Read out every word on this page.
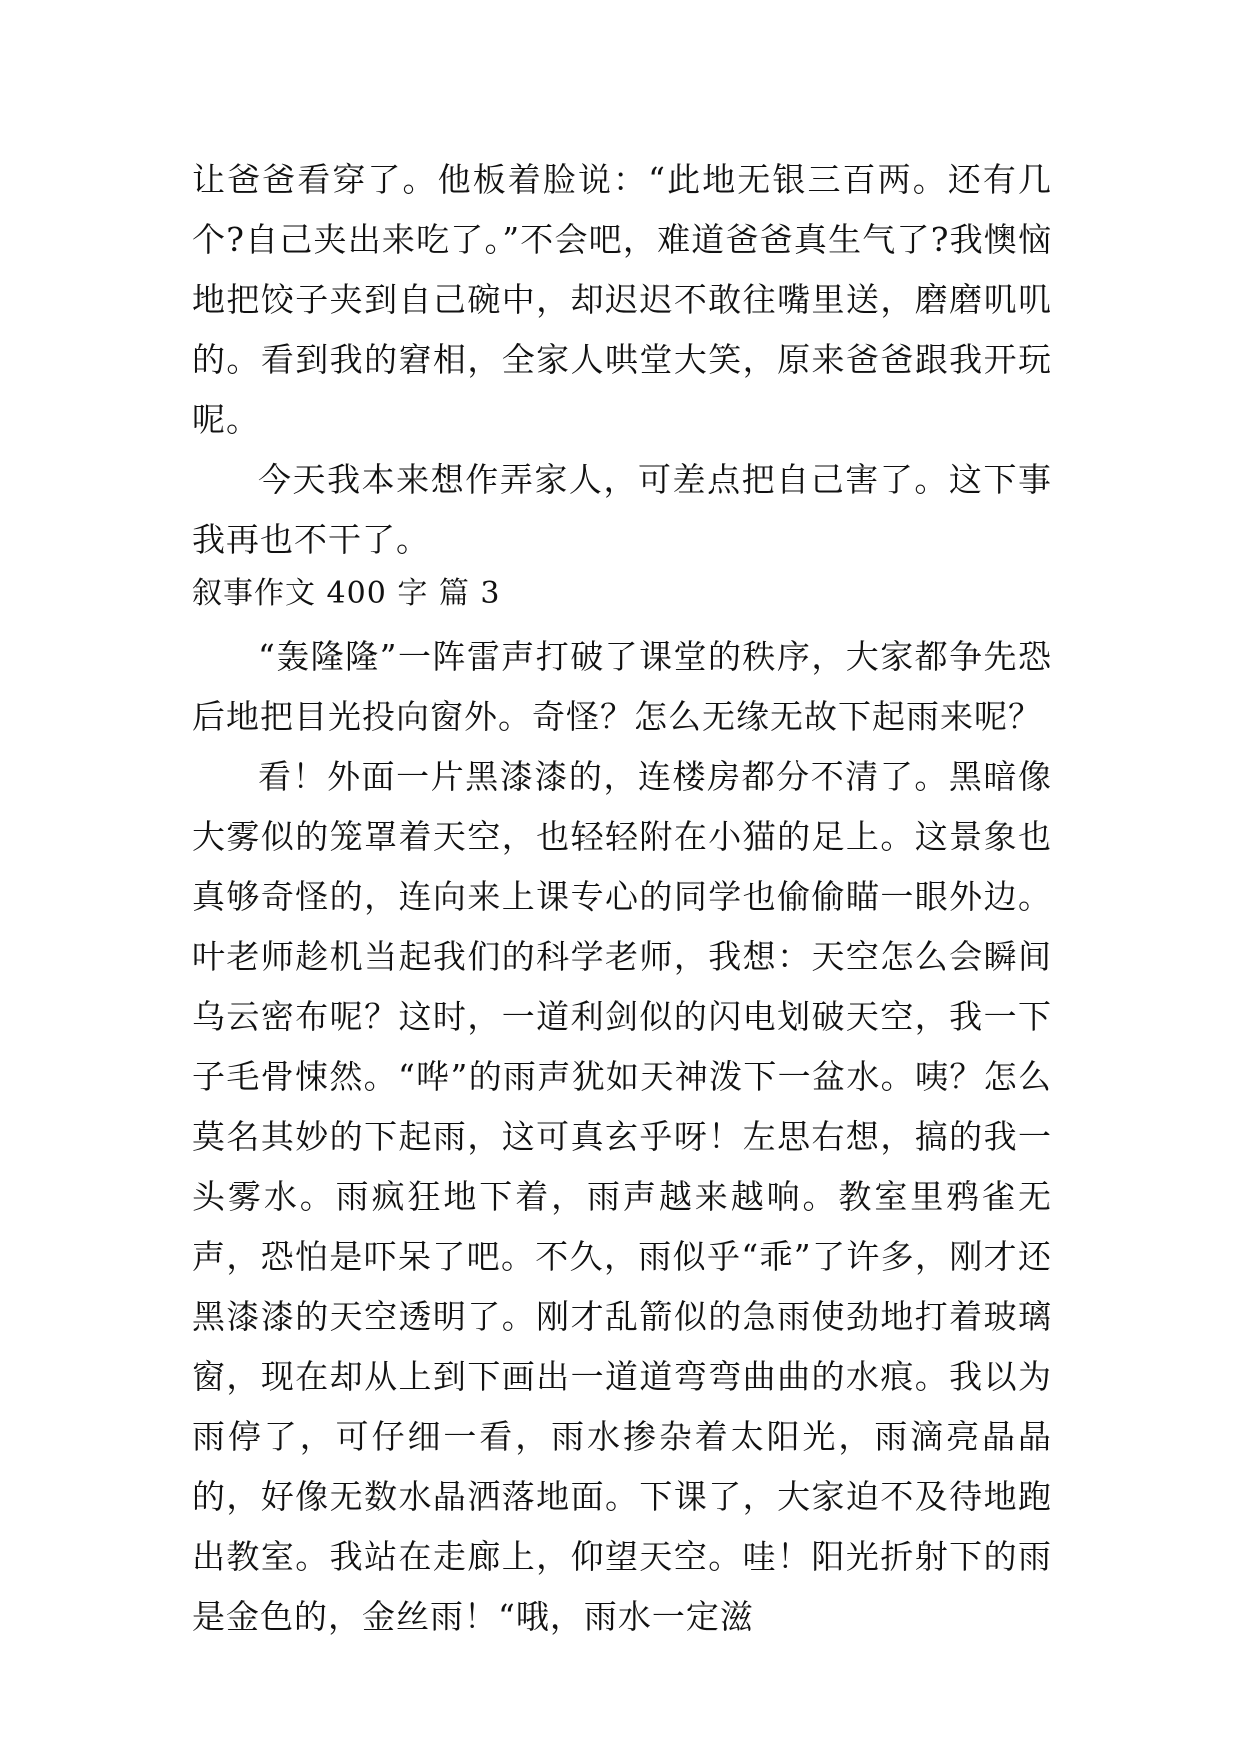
让爸爸看穿了。他板着脸说：“此地无银三百两。还有几个?自己夹出来吃了。”不会吧，难道爸爸真生气了?我懊恼地把饺子夹到自己碗中，却迟迟不敢往嘴里送，磨磨叽叽的。看到我的窘相，全家人哄堂大笑，原来爸爸跟我开玩呢。

今天我本来想作弄家人，可差点把自己害了。这下事我再也不干了。

叙事作文 400 字 篇 3

“轰隆隆”一阵雷声打破了课堂的秩序，大家都争先恐后地把目光投向窗外。奇怪？怎么无缘无故下起雨来呢？

看！外面一片黑漆漆的，连楼房都分不清了。黑暗像大雾似的笼罩着天空，也轻轻附在小猫的足上。这景象也真够奇怪的，连向来上课专心的同学也偷偷瞄一眼外边。叶老师趁机当起我们的科学老师，我想：天空怎么会瞬间乌云密布呢？这时，一道利剑似的闪电划破天空，我一下子毛骨悚然。“哗”的雨声犹如天神泼下一盆水。咦？怎么莫名其妙的下起雨，这可真玄乎呀！左思右想，搞的我一头雾水。雨疯狂地下着，雨声越来越响。教室里鸦雀无声，恐怕是吓呆了吧。不久，雨似乎“乖”了许多，刚才还黑漆漆的天空透明了。刚才乱箭似的急雨使劲地打着玻璃窗，现在却从上到下画出一道道弯弯曲曲的水痕。我以为雨停了，可仔细一看，雨水掺杂着太阳光，雨滴亮晶晶的，好像无数水晶洒落地面。下课了，大家迫不及待地跑出教室。我站在走廊上，仰望天空。哇！阳光折射下的雨是金色的，金丝雨！“哦，雨水一定滋
